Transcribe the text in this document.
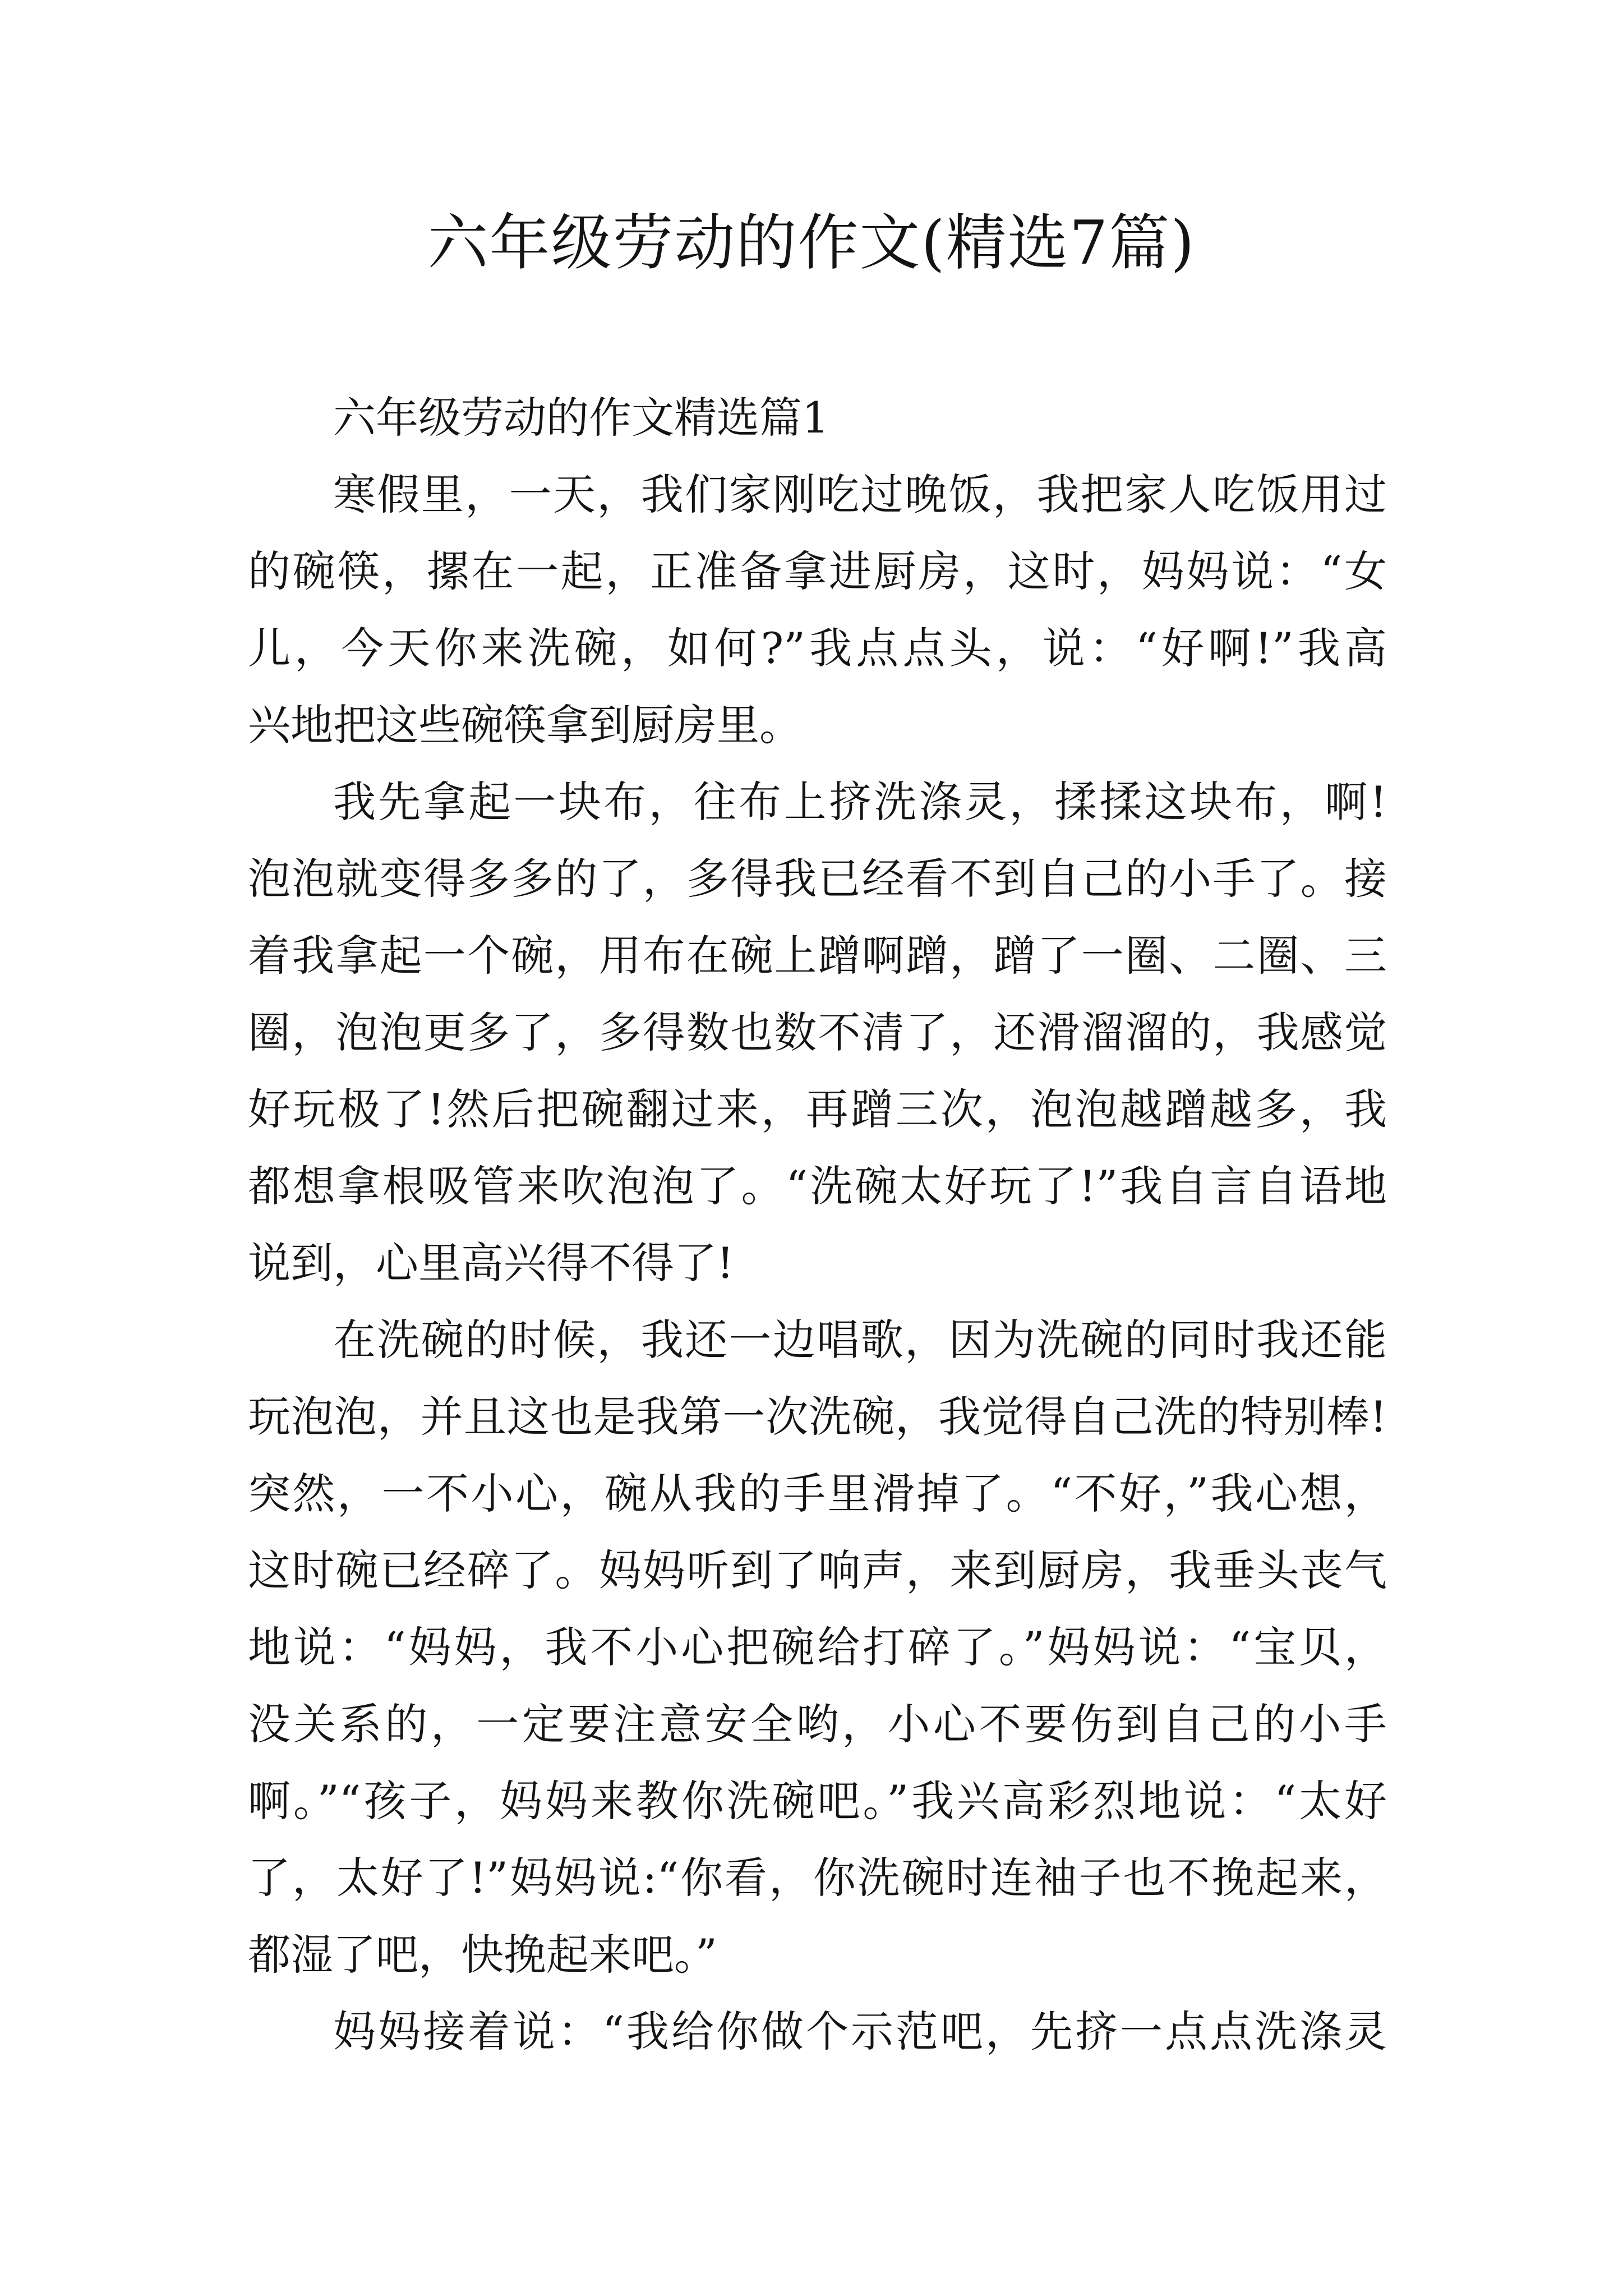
六年级劳动的作文(精选7篇)

六年级劳动的作文精选篇1

寒假里，一天，我们家刚吃过晚饭，我把家人吃饭用过
的碗筷，摞在一起，正准备拿进厨房，这时，妈妈说：“女
儿，今天你来洗碗，如何?”我点点头，说：“好啊!”我高
兴地把这些碗筷拿到厨房里。

我先拿起一块布，往布上挤洗涤灵，揉揉这块布，啊!
泡泡就变得多多的了，多得我已经看不到自己的小手了。接
着我拿起一个碗，用布在碗上蹭啊蹭，蹭了一圈、二圈、三
圈，泡泡更多了，多得数也数不清了，还滑溜溜的，我感觉
好玩极了!然后把碗翻过来，再蹭三次，泡泡越蹭越多，我
都想拿根吸管来吹泡泡了。“洗碗太好玩了!”我自言自语地
说到，心里高兴得不得了!

在洗碗的时候，我还一边唱歌，因为洗碗的同时我还能
玩泡泡，并且这也是我第一次洗碗，我觉得自己洗的特别棒!
突然，一不小心，碗从我的手里滑掉了。“不好，”我心想，
这时碗已经碎了。妈妈听到了响声，来到厨房，我垂头丧气
地说：“妈妈，我不小心把碗给打碎了。”妈妈说：“宝贝，
没关系的，一定要注意安全哟，小心不要伤到自己的小手
啊。”“孩子，妈妈来教你洗碗吧。”我兴高彩烈地说：“太好
了，太好了!”妈妈说:“你看，你洗碗时连袖子也不挽起来，
都湿了吧，快挽起来吧。”

妈妈接着说：“我给你做个示范吧，先挤一点点洗涤灵
